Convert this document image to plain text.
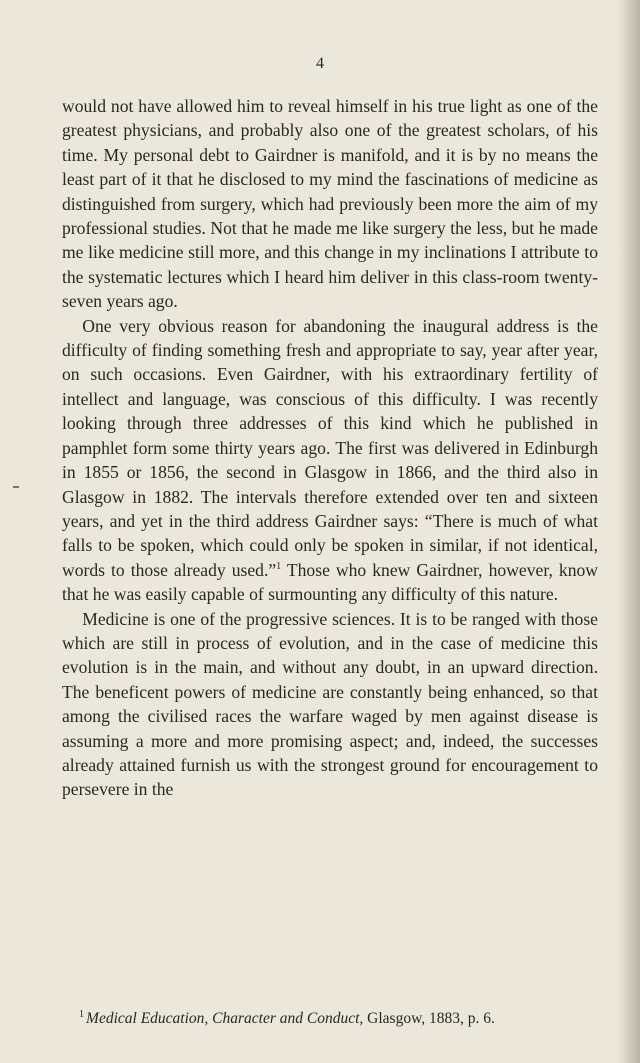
4

would not have allowed him to reveal himself in his true light as one of the greatest physicians, and probably also one of the greatest scholars, of his time. My personal debt to Gairdner is manifold, and it is by no means the least part of it that he disclosed to my mind the fascinations of medicine as distinguished from surgery, which had previously been more the aim of my professional studies. Not that he made me like surgery the less, but he made me like medicine still more, and this change in my inclinations I attribute to the systematic lectures which I heard him deliver in this class-room twenty-seven years ago.

One very obvious reason for abandoning the inaugural address is the difficulty of finding something fresh and appropriate to say, year after year, on such occasions. Even Gairdner, with his extraordinary fertility of intellect and language, was conscious of this difficulty. I was recently looking through three addresses of this kind which he published in pamphlet form some thirty years ago. The first was delivered in Edinburgh in 1855 or 1856, the second in Glasgow in 1866, and the third also in Glasgow in 1882. The intervals therefore extended over ten and sixteen years, and yet in the third address Gairdner says: “There is much of what falls to be spoken, which could only be spoken in similar, if not identical, words to those already used.”$^1$ Those who knew Gairdner, however, know that he was easily capable of surmounting any difficulty of this nature.

Medicine is one of the progressive sciences. It is to be ranged with those which are still in process of evolution, and in the case of medicine this evolution is in the main, and without any doubt, in an upward direction. The beneficent powers of medicine are constantly being enhanced, so that among the civilised races the warfare waged by men against disease is assuming a more and more promising aspect; and, indeed, the successes already attained furnish us with the strongest ground for encouragement to persevere in the

$^1$ Medical Education, Character and Conduct, Glasgow, 1883, p. 6.
